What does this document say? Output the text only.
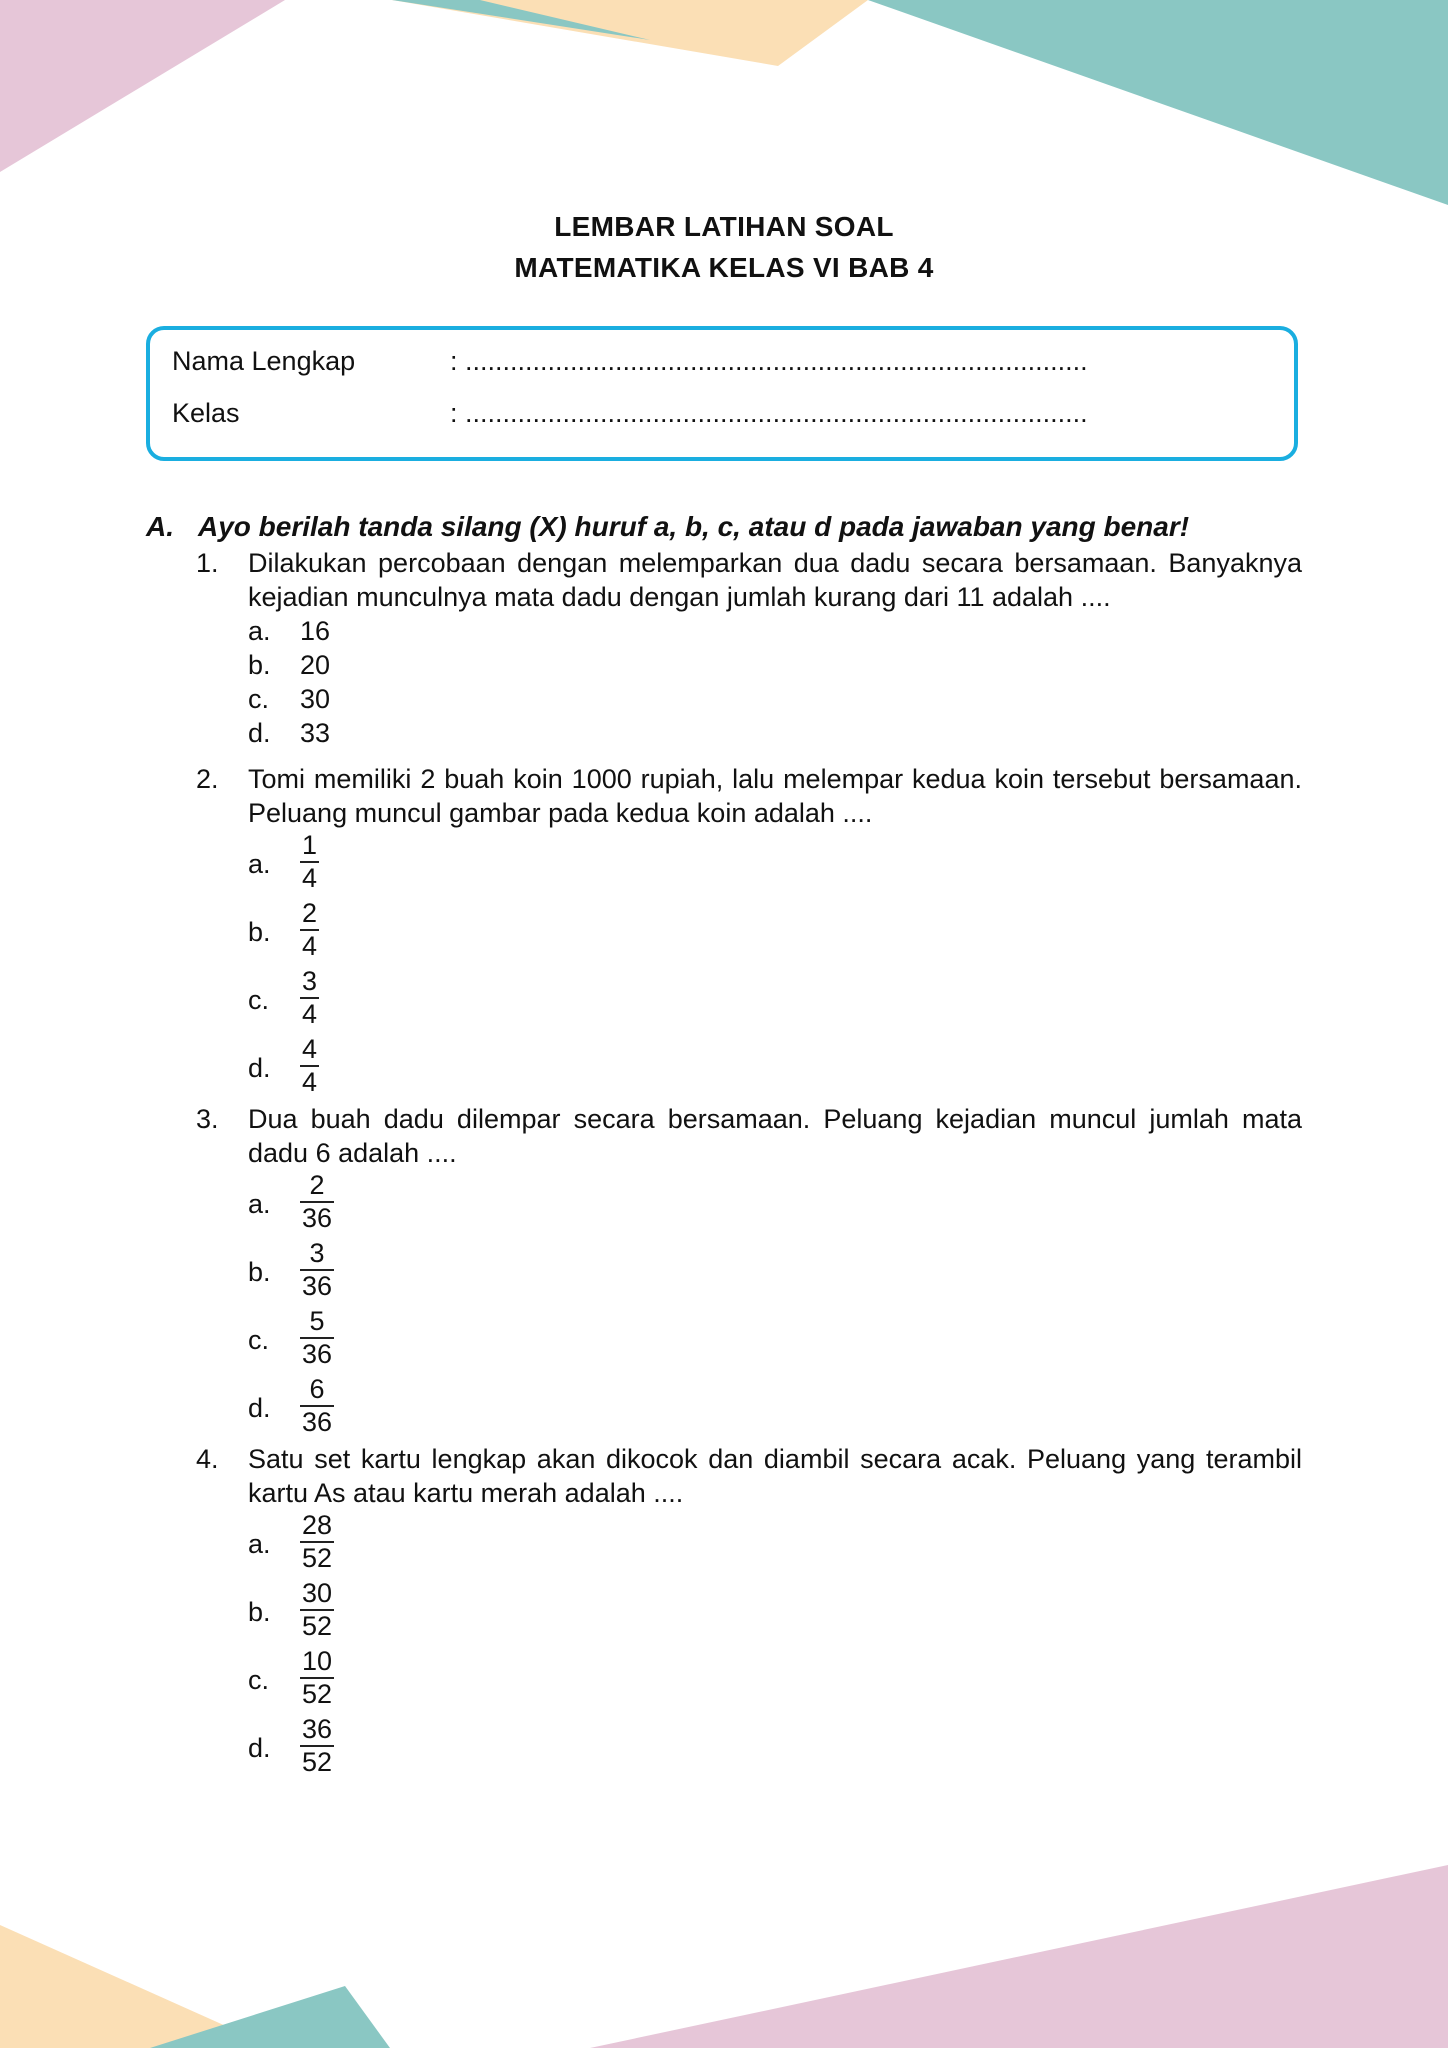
LEMBAR LATIHAN SOAL
MATEMATIKA KELAS VI BAB 4
Nama Lengkap	: ...................................................................................
Kelas	: ...................................................................................
A. Ayo berilah tanda silang (X) huruf a, b, c, atau d pada jawaban yang benar!
1. Dilakukan percobaan dengan melemparkan dua dadu secara bersamaan. Banyaknya kejadian munculnya mata dadu dengan jumlah kurang dari 11 adalah ....
a. 16
b. 20
c. 30
d. 33
2. Tomi memiliki 2 buah koin 1000 rupiah, lalu melempar kedua koin tersebut bersamaan. Peluang muncul gambar pada kedua koin adalah ....
a. $\frac{1}{4}$
b. $\frac{2}{4}$
c. $\frac{3}{4}$
d. $\frac{4}{4}$
3. Dua buah dadu dilempar secara bersamaan. Peluang kejadian muncul jumlah mata dadu 6 adalah ....
a. $\frac{2}{36}$
b. $\frac{3}{36}$
c. $\frac{5}{36}$
d. $\frac{6}{36}$
4. Satu set kartu lengkap akan dikocok dan diambil secara acak. Peluang yang terambil kartu As atau kartu merah adalah ....
a. $\frac{28}{52}$
b. $\frac{30}{52}$
c. $\frac{10}{52}$
d. $\frac{36}{52}$
